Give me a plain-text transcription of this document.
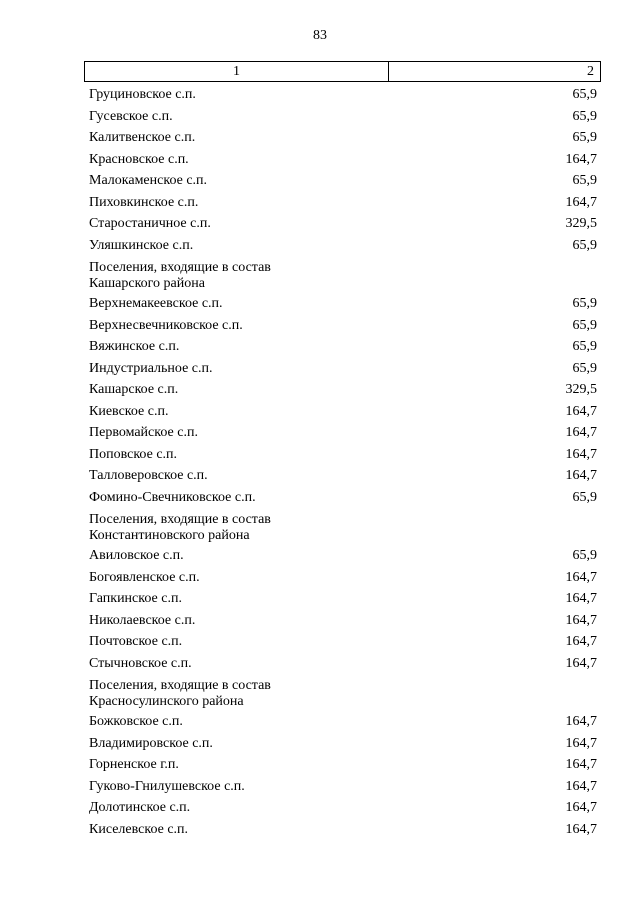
83
1	2
Груциновское с.п.	65,9
Гусевское с.п.	65,9
Калитвенское с.п.	65,9
Красновское с.п.	164,7
Малокаменское с.п.	65,9
Пиховкинское с.п.	164,7
Старостаничное с.п.	329,5
Уляшкинское с.п.	65,9
Поселения, входящие в состав
Кашарского района
Верхнемакеевское с.п.	65,9
Верхнесвечниковское с.п.	65,9
Вяжинское с.п.	65,9
Индустриальное с.п.	65,9
Кашарское с.п.	329,5
Киевское с.п.	164,7
Первомайское с.п.	164,7
Поповское с.п.	164,7
Талловеровское с.п.	164,7
Фомино-Свечниковское с.п.	65,9
Поселения, входящие в состав
Константиновского района
Авиловское с.п.	65,9
Богоявленское с.п.	164,7
Гапкинское с.п.	164,7
Николаевское с.п.	164,7
Почтовское с.п.	164,7
Стычновское с.п.	164,7
Поселения, входящие в состав
Красносулинского района
Божковское с.п.	164,7
Владимировское с.п.	164,7
Горненское г.п.	164,7
Гуково-Гнилушевское с.п.	164,7
Долотинское с.п.	164,7
Киселевское с.п.	164,7
